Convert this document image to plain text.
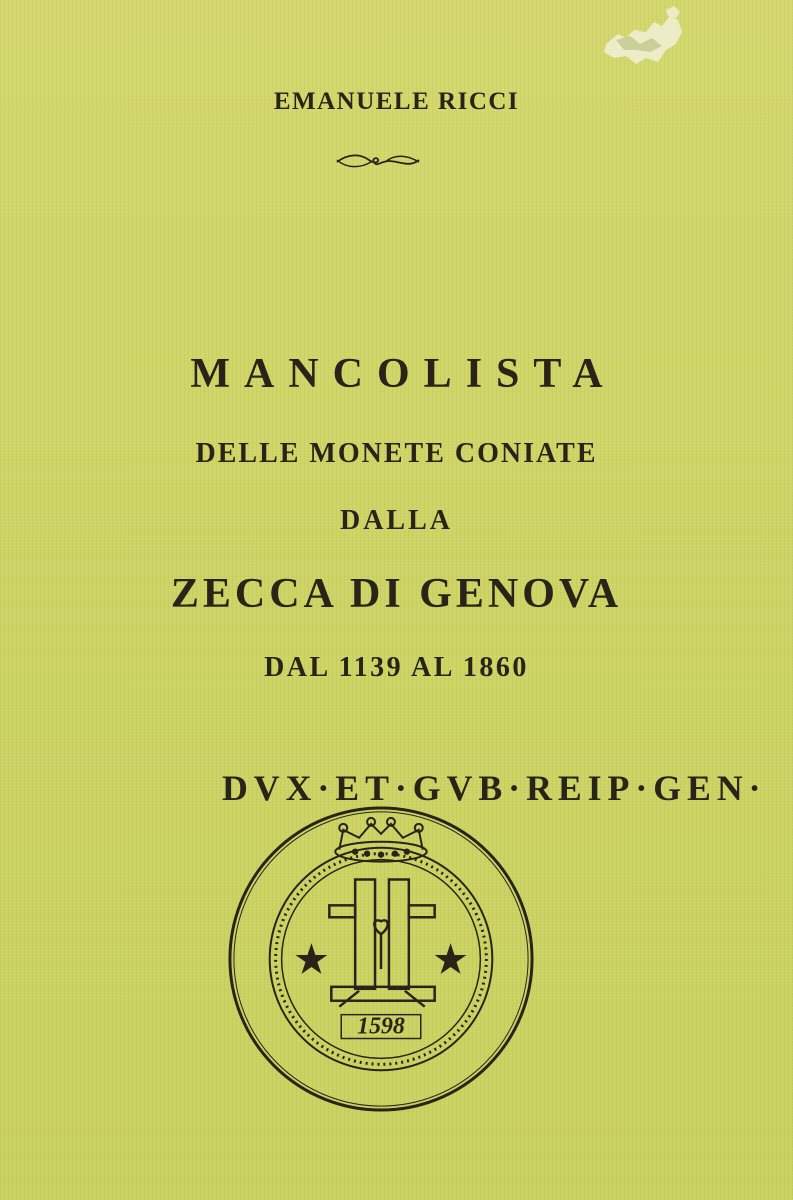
EMANUELE RICCI
MANCOLISTA
DELLE MONETE CONIATE
DALLA
ZECCA DI GENOVA
DAL 1139 AL 1860
DVX·ET·GVB·REIP·GEN·
1598
